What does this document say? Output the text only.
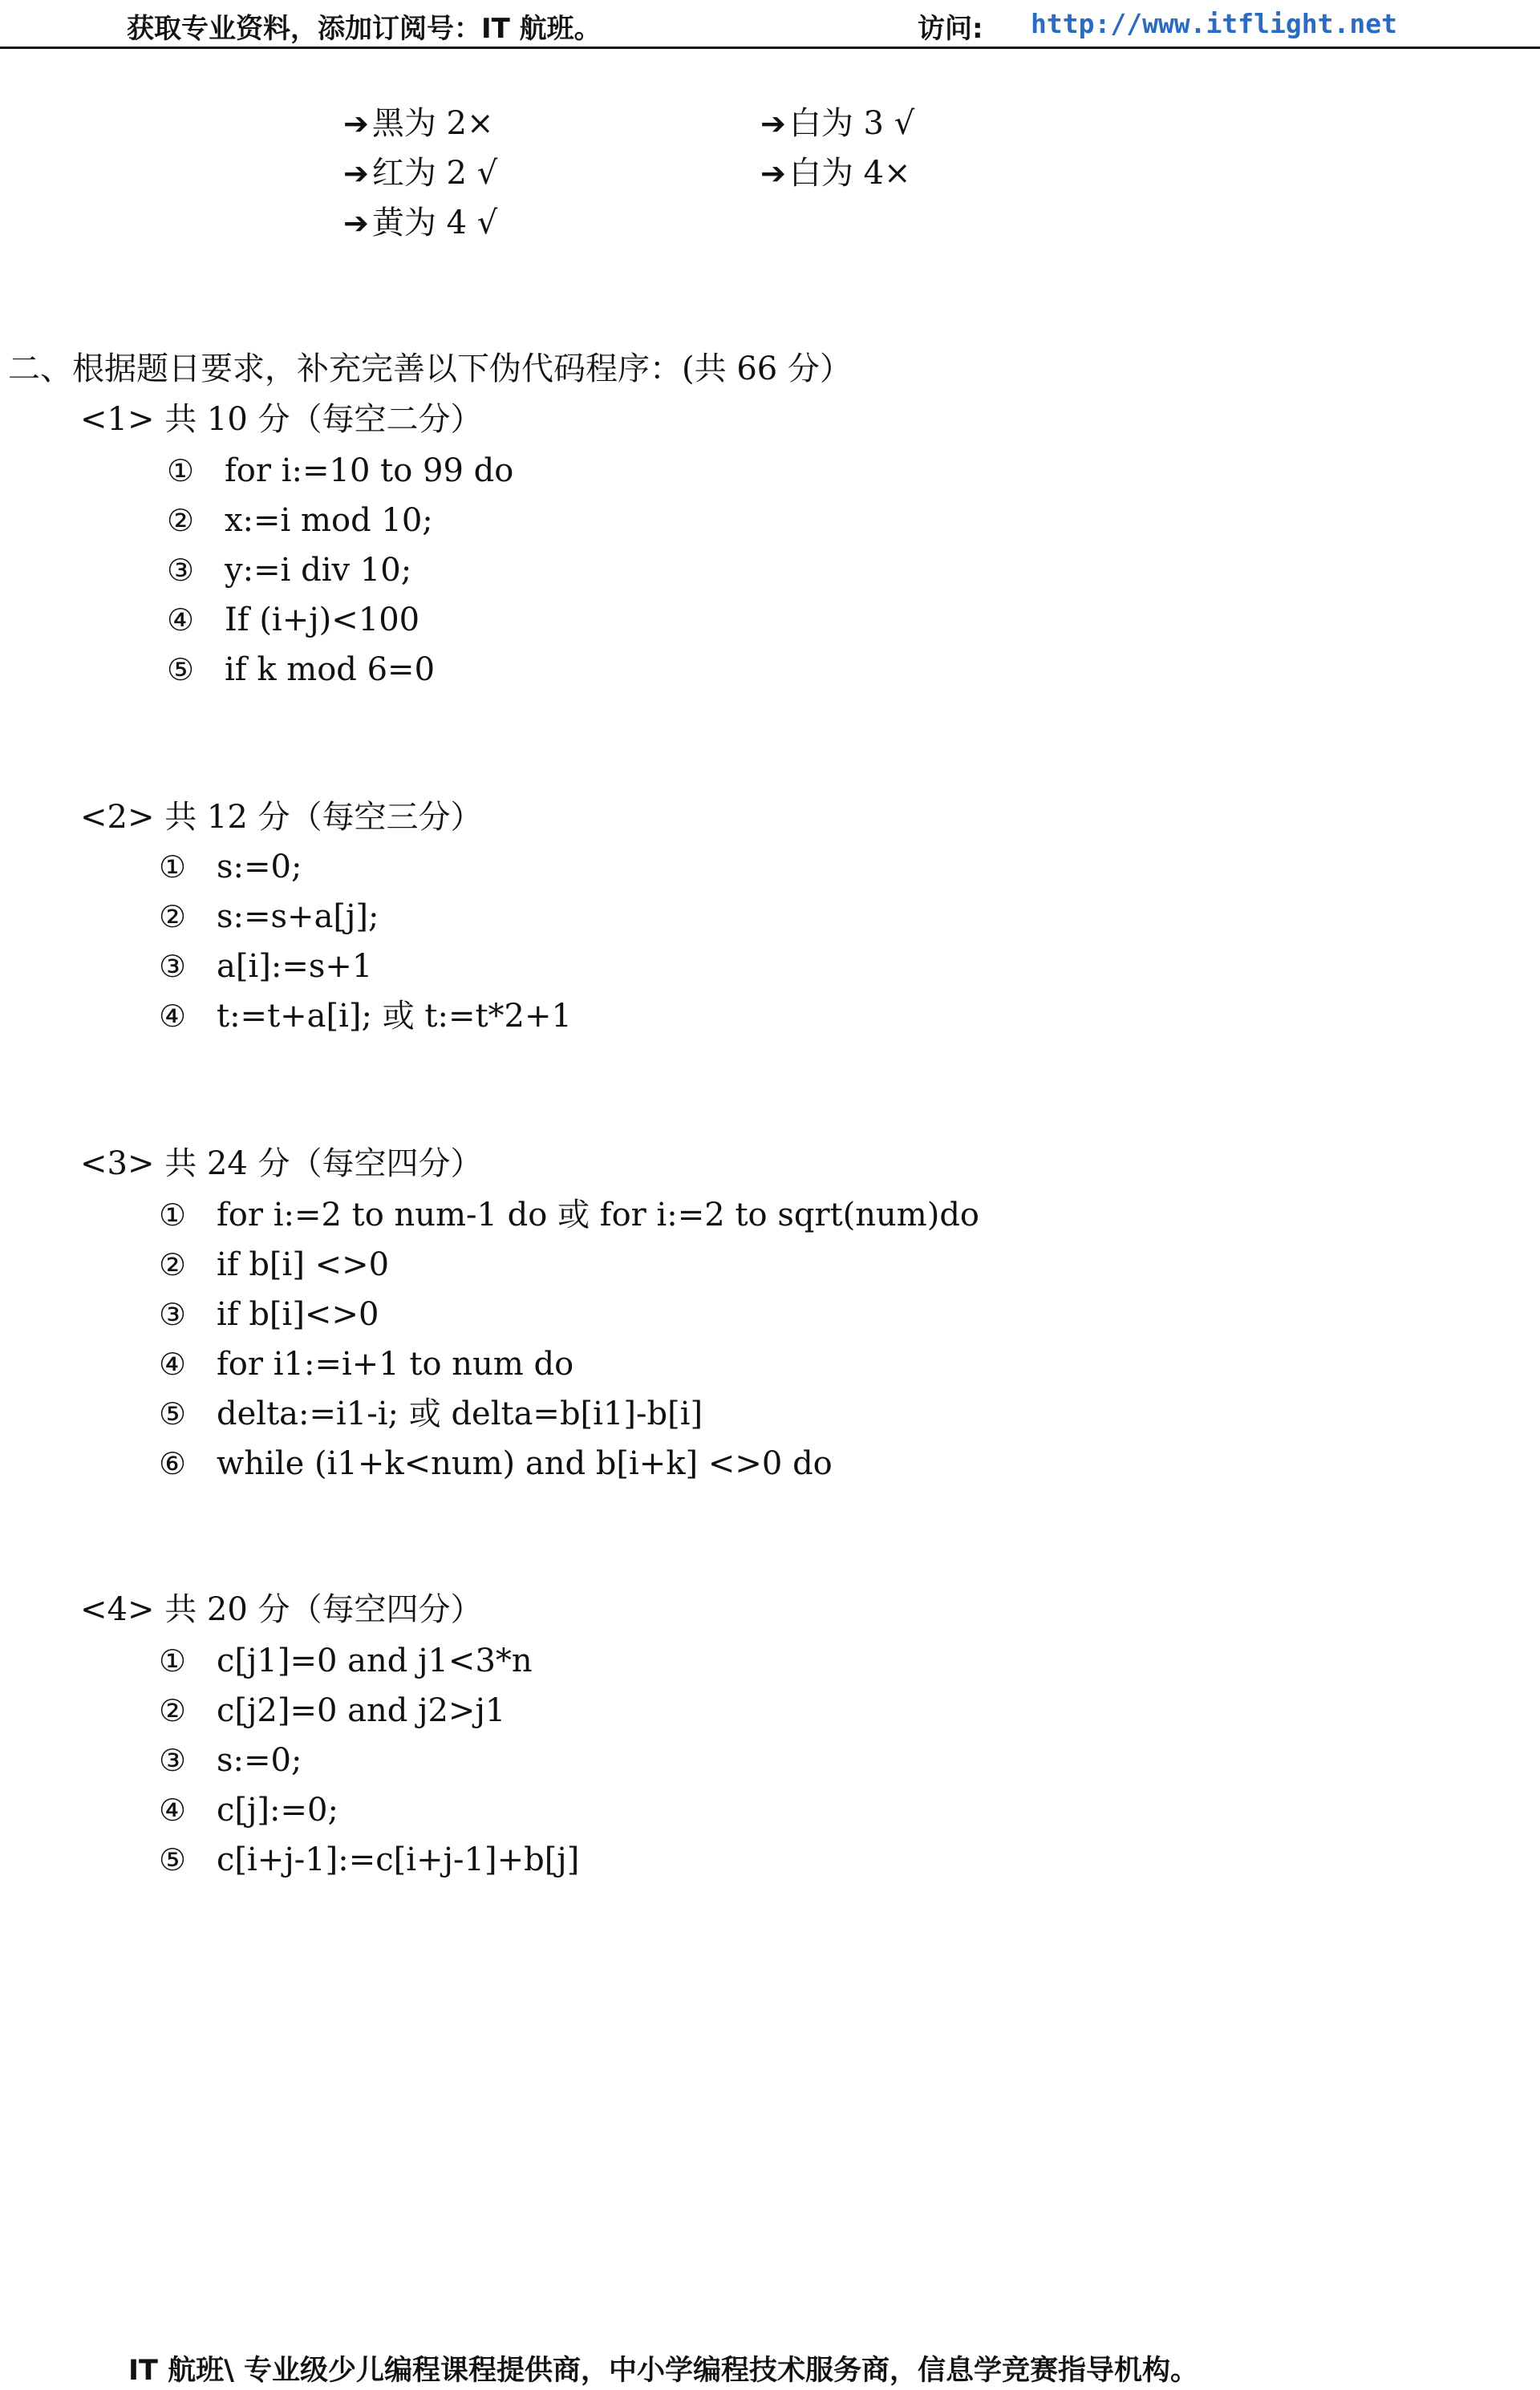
获取专业资料，添加订阅号：IT 航班。	访问: http://www.itflight.net
➔ 黑为 2×	➔ 白为 3 √
➔ 红为 2 √	➔ 白为 4×
➔ 黄为 4 √
二、根据题日要求，补充完善以下伪代码程序：(共 66 分）
<1> 共 10 分（每空二分）
① for i:=10 to 99 do
② x:=i mod 10;
③ y:=i div 10;
④ If (i+j)<100
⑤ if k mod 6=0
<2> 共 12 分（每空三分）
① s:=0;
② s:=s+a[j];
③ a[i]:=s+1
④ t:=t+a[i]; 或 t:=t*2+1
<3> 共 24 分（每空四分）
① for i:=2 to num-1 do 或 for i:=2 to sqrt(num)do
② if b[i] <>0
③ if b[i]<>0
④ for i1:=i+1 to num do
⑤ delta:=i1-i; 或 delta=b[i1]-b[i]
⑥ while (i1+k<num) and b[i+k] <>0 do
<4> 共 20 分（每空四分）
① c[j1]=0 and j1<3*n
② c[j2]=0 and j2>j1
③ s:=0;
④ c[j]:=0;
⑤ c[i+j-1]:=c[i+j-1]+b[j]
IT 航班\ 专业级少儿编程课程提供商，中小学编程技术服务商，信息学竞赛指导机构。
